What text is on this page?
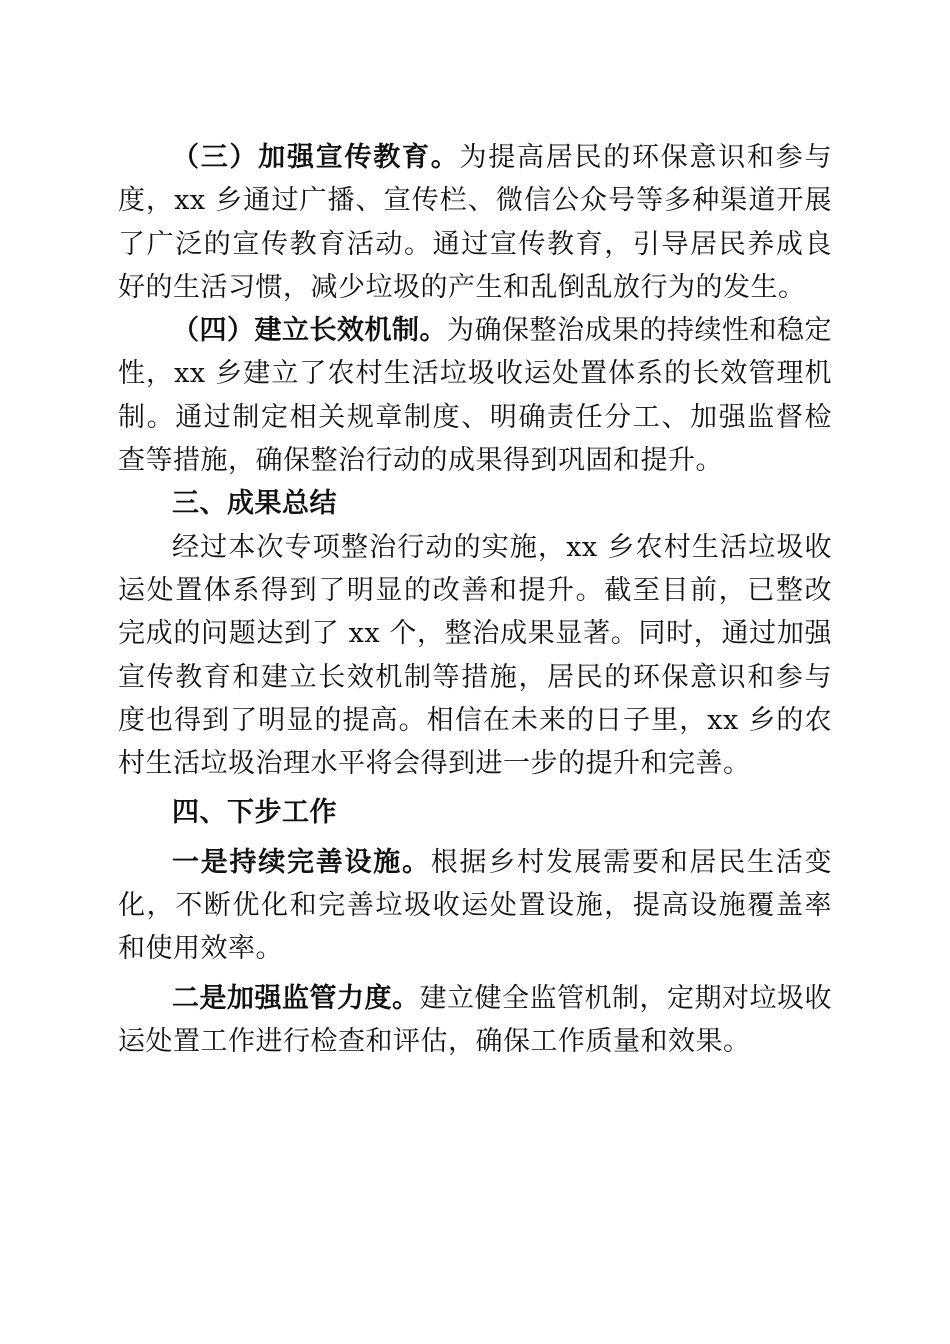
（三）加强宣传教育。为提高居民的环保意识和参与度，xx 乡通过广播、宣传栏、微信公众号等多种渠道开展了广泛的宣传教育活动。通过宣传教育，引导居民养成良好的生活习惯，减少垃圾的产生和乱倒乱放行为的发生。

（四）建立长效机制。为确保整治成果的持续性和稳定性，xx 乡建立了农村生活垃圾收运处置体系的长效管理机制。通过制定相关规章制度、明确责任分工、加强监督检查等措施，确保整治行动的成果得到巩固和提升。

三、成果总结

经过本次专项整治行动的实施，xx 乡农村生活垃圾收运处置体系得到了明显的改善和提升。截至目前，已整改完成的问题达到了 xx 个，整治成果显著。同时，通过加强宣传教育和建立长效机制等措施，居民的环保意识和参与度也得到了明显的提高。相信在未来的日子里，xx 乡的农村生活垃圾治理水平将会得到进一步的提升和完善。

四、下步工作

一是持续完善设施。根据乡村发展需要和居民生活变化，不断优化和完善垃圾收运处置设施，提高设施覆盖率和使用效率。

二是加强监管力度。建立健全监管机制，定期对垃圾收运处置工作进行检查和评估，确保工作质量和效果。
